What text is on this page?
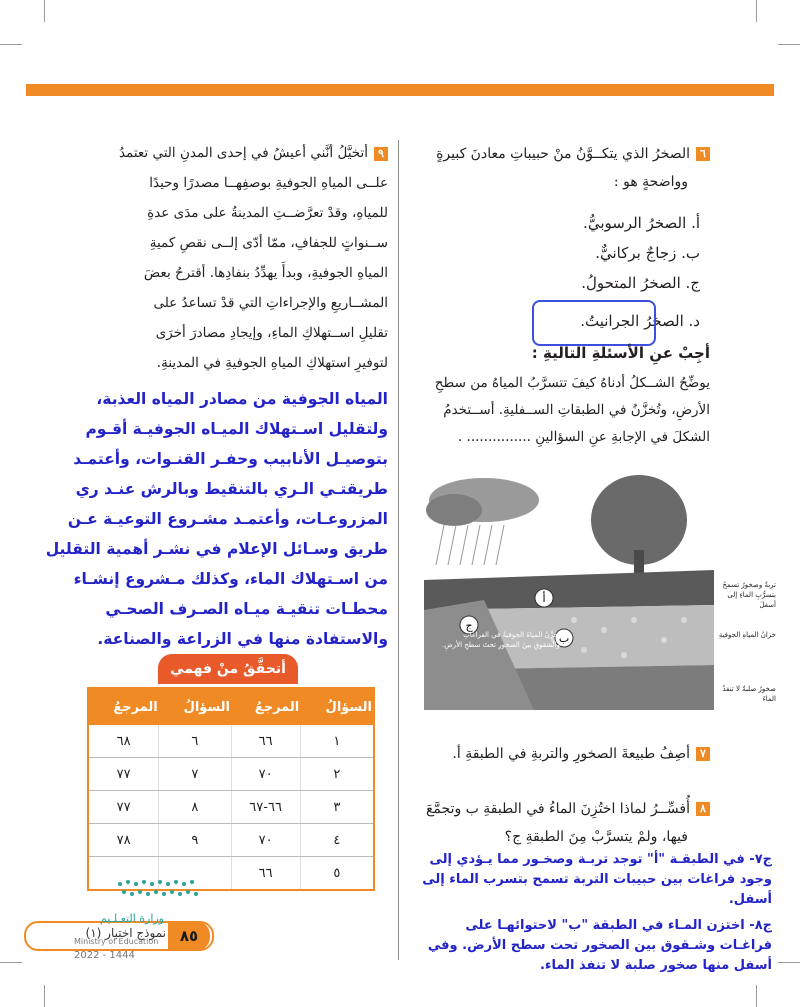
٦الصخرُ الذي يتكــوَّنُ منْ حبيباتِ معادنَ كبيرةٍ
وواضحةٍ هو :
أ. الصخرُ الرسوبيُّ.
ب. زجاجٌ بركانيٌّ.
ج. الصخرُ المتحولُ.
د. الصخرُ الجرانيتُ.
أجِبْ عنِ الأسئلةِ التاليةِ :
يوضِّحُ الشــكلُ أدناهُ كيفَ تتسرَّبُ المياهُ من سطحِ
الأرضِ، وتُخزَّنُ في الطبقاتِ الســفليةِ. أســتخدمُ
الشكلَ في الإجابةِ عنِ السؤالينِ ............... .
أ
ب
ج
تخزَّنُ المياهُ الجوفيةُ في الفراغاتِ والشقوقِ بينَ الصخورِ تحتَ سطحِ الأرضِ.
تربةٌ وصخورٌ تسمحُ بتسرُّبِ الماءِ إلى أسفلَ
خزانُ المياهِ الجوفيةِ
صخورٌ صلبةٌ لا تنفذُ الماءَ
٧أصِفُ طبيعةَ الصخورِ والتربةِ في الطبقةِ أ.
٨أُفسِّــرُ لماذا اختُزِنَ الماءُ في الطبقةِ ب وتجمَّعَ
فيها، ولمْ يتسرَّبْ مِنَ الطبقةِ ج؟
ج٧- في الطبقـة "أ" توجد تربـة وصخـور مما يـؤدي إلى
وجود فراغات بين حبيبات التربة تسمح بتسرب الماء إلى
أسفل.
ج٨- اختزن المـاء في الطبقة "ب" لاحتوائهـا على
فراغـات وشـقوق بين الصخور تحت سطح الأرض. وفي
أسفل منها صخور صلبة لا تنفذ الماء.
٩أتخيَّلُ أنَّني أعيشُ في إحدى المدنِ التي تعتمدُ
علــى المياهِ الجوفيةِ بوصفِهــا مصدرًا وحيدًا
للمياهِ، وقدْ تعرَّضــتِ المدينةُ على مدَى عدةِ
ســنواتٍ للجفافِ، ممّا أدّى إلــى نقصِ كميةِ
المياهِ الجوفيةِ، وبدأَ يهدِّدُ بنفادِها. أقترحُ بعضَ
المشــاريعِ والإجراءاتِ التي قدْ تساعدُ على
تقليلِ اســتهلاكِ الماءِ، وإيجادِ مصادرَ أخرَى
لتوفيرِ استهلاكِ المياهِ الجوفيةِ في المدينةِ.
المياه الجوفية من مصادر المياه العذبة،
ولتقليل اسـتهلاك الميـاه الجوفيـة أقـوم
بتوصيـل الأنابيب وحفـر القنـوات، وأعتمـد
طريقتـي الـري بالتنقيط وبالرش عنـد ري
المزروعـات، وأعتمـد مشـروع التوعيـة عـن
طريق وسـائل الإعلام في نشـر أهمية التقليل
من اسـتهلاك الماء، وكذلك مـشروع إنشـاء
محطـات تنقيـة ميـاه الصـرف الصحـي
والاستفادة منها في الزراعة والصناعة.
أتحقَّقُ منْ فهمي
السؤالُ	المرجعُ	السؤالُ	المرجعُ
١	٦٦	٦	٦٨
٢	٧٠	٧	٧٧
٣	٦٦-٦٧	٨	٧٧
٤	٧٠	٩	٧٨
٥	٦٦		
٨٥
نموذج اختبار (١)
وزارة التعـلـيم
Ministry of Education
2022 - 1444
